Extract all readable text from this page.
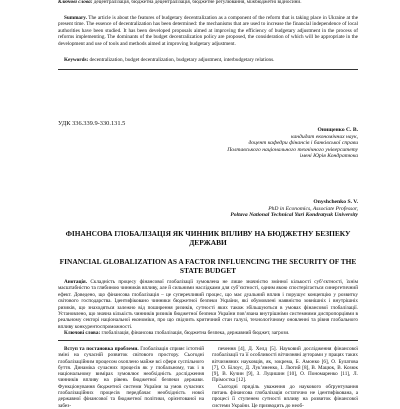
Ключові слова: децентралізація, бюджетна децентралізація, бюджетне регулювання, міжбюджетні відносини.
Summary. The article is about the features of budgetary decentralization as a component of the reform that is taking place in Ukraine at the present time. The essence of decentralization has been determined: the mechanisms that are used to increase the financial independence of local authorities have been studied. It has been developed proposals aimed at improving the efficiency of budgetary adjustment in the process of reforms implementing. The dominants of the budget decentralization policy are proposed, the consideration of which will be appropriate in the development and use of tools and methods aimed at improving budgetary adjustment.
Keywords: decentralization, budget decentralization, budgetary adjustment, interbudgetary relations.
УДК 336.339.9-330.131.5
Онищенко С. В.
кандидат економічних наук,
доцент кафедри фінансів і банківської справи
Полтавського національного технічного університету
імені Юрія Кондратюка
Onyshchenko S. V.
PhD in Economics, Associate Professor,
Poltava National Technical Yuri Kondratyuk University
ФІНАНСОВА ГЛОБАЛІЗАЦІЯ ЯК ЧИННИК ВПЛИВУ НА БЮДЖЕТНУ БЕЗПЕКУ ДЕРЖАВИ
FINANCIAL GLOBALIZATION AS A FACTOR INFLUENCING THE SECURITY OF THE STATE BUDGET
Анотація. Складність процесу фінансової глобалізації зумовлена не лише значністю змінної кількості суб’єктності, їхнім масштабністю та глибиною чинників впливу, але й сильними наслідками для суб’єктності, одним якою спостерігається синергетичний ефект. Доведено, що фінансова глобалізація – це суперечливий процес, що має дуальний вплив і порушує концепцію у розвитку світового господарства. Ідентифіковано чинники бюджетної безпеки України, які обумовлені наявністю зовнішніх і внутрішніх ризиків, що знаходяться залежно від поширення ризиків, сутності яких також збільшуються в умовах фінансової глобалізації. Установлено, що значна кількість чинників ризиків бюджетної безпеки України пов’язана внутрішніми системними диспропорціями в реальному секторі національної економіки, про що свідчить критичний стан галузі, технологічному оновленні та рівня глобального впливу конкурентоспроможності.
Вступ та постановка проблеми. Глобалізація сприяє істотній зміні на сучасній розвиток світового простору. Сьогодні глобалізаційним процесом охоплено майже всі сфери суспільного буття. Динаміка сучасних процесів як у глобальному, так і в національному вимірах зумовлює необхідність дослідження чинників впливу на рівень бюджетної безпеки держави. Функціонування бюджетної системи України за умов сучасних глобалізаційних процесів передбачає необхідність нової державної фінансової та бюджетної політики, орієнтованої на забез-
печення [4], Д. Хелд [5]. Науковий дослідження фінансової глобалізації та її особливості вітчизняні ауторами у працях таких вітчизняних науковців, як, зокрема, Б. Амонко [6], О. Булатова [7], О. Білоус, Д. Лук’яненко, І. Лютий [8], В. Мацюк, В. Козюк [9], В. Кучин [9], З. Луцишин [10], О. Пономаренко [11], Л. Прімостка [12].
Сьогодні приділь уваження до наукового обґрунтування питань фінансова глобалізація остаточно не ідентифікована, а процесі її ступенем сутності впливу на розвиток фінансової системи України. Це призводить до необ-
Ключові слова: глобалізація, фінансова глобалізація, бюджетна безпека, державний бюджет, загрози.
